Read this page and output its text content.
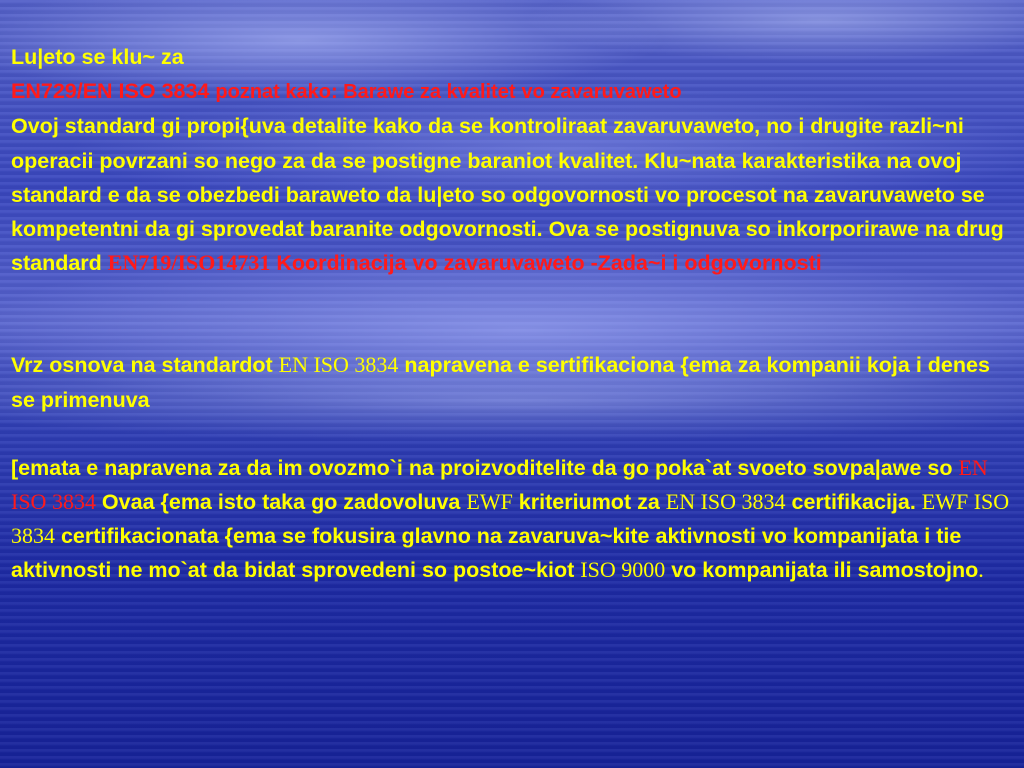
Lu|eto se klu~ za
EN729/EN ISO 3834 poznat kako: Barawe za kvalitet vo zavaruvaweto
Ovoj standard gi propi{uva detalite kako da se kontroliraat zavaruvaweto, no i drugite razli~ni operacii povrzani so nego za da se postigne baraniot kvalitet. Klu~nata karakteristika na ovoj standard e da se obezbedi baraweto da lu|eto so odgovornosti vo procesot na zavaruvaweto se kompetentni da gi sprovedat baranite odgovornosti. Ova se postignuva so inkorporirawe na drug standard EN719/ISO14731 Koordinacija vo zavaruvaweto -Zada~i i odgovornosti
Vrz osnova na standardot EN ISO 3834 napravena e sertifikaciona {ema za kompanii koja i denes se primenuva
[emata e napravena za da im ovozmo`i na proizvoditelite da go poka`at svoeto sovpa|awe so EN ISO 3834 Ovaa {ema isto taka go zadovoluva EWF kriteriumot za EN ISO 3834 certifikacija. EWF ISO 3834 certifikacionata {ema se fokusira glavno na zavaruva~kite aktivnosti vo kompanijata i tie aktivnosti ne mo`at da bidat sprovedeni so postoe~kiot ISO 9000 vo kompanijata ili samostojno.
